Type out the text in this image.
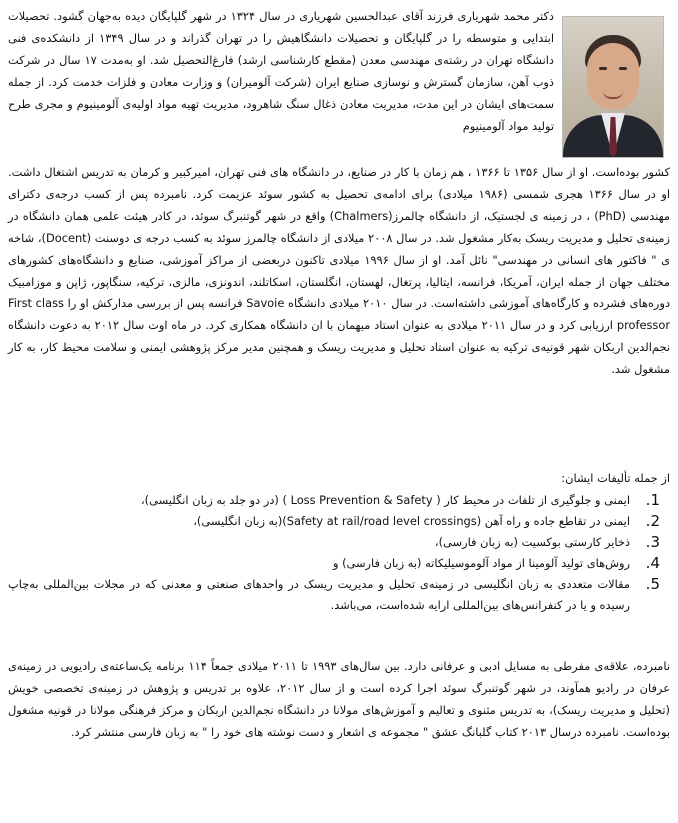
دکتر محمد شهریاری فرزند آقای عبدالحسین شهریاری در سال ۱۳۲۴ در شهر گلپایگان دیده به‌جهان گشود. تحصیلات ابتدایی و متوسطه را در گلپایگان و تحصیلات دانشگاهیش را در تهران گذراند و در سال ۱۳۴۹ از دانشکده‌ی فنی دانشگاه تهران در رشته‌ی مهندسی معدن (مقطع کارشناسی ارشد) فارغ‌التحصیل شد. او به‌مدت ۱۷ سال در شرکت ذوب آهن، سازمان گسترش و نوسازی صنایع ایران (شرکت آلومیران) و وزارت معادن و فلزات خدمت کرد. از جمله سمت‌های ایشان در این مدت، مدیریت معادن ذغال سنگ شاهرود، مدیریت تهیه مواد اولیه‌ی آلومینیوم و مجری طرح تولید مواد آلومینیوم
کشور بوده‌است. او از سال ۱۳۵۶ تا ۱۳۶۶ ، هم زمان با کار در صنایع، در دانشگاه های فنی تهران، امیرکبیر و کرمان به تدریس اشتغال داشت. او در سال ۱۳۶۶ هجری شمسی (۱۹۸۶ میلادی) برای ادامه‌ی تحصیل به کشور سوئد عزیمت کرد. نامبرده پس از کسب درجه‌ی دکترای مهندسی (PhD) ، در زمینه ی لجستیک، از دانشگاه چالمرز(Chalmers) واقع در شهر گوتنبرگ سوئد، در کادر هیئت علمی همان دانشگاه در زمینه‌ی تحلیل و مدیریت ریسک به‌کار مشغول شد. در سال ۲۰۰۸ میلادی از دانشگاه چالمرز سوئد به کسب درجه ی دوسنت (Docent)، شاخه ی " فاکتور های انسانی در مهندسی" نائل آمد. او از سال ۱۹۹۶ میلادی تاکنون دربعضی از مراکز آموزشی، صنایع و دانشگاه‌های کشورهای مختلف جهان از جمله ایران، آمریکا، فرانسه، ایتالیا، پرتغال، لهستان، انگلستان، اسکاتلند، اندونزی، مالزی، ترکیه، سنگاپور، ژاپن و موزامبیک دوره‌های فشرده و کارگاه‌های آموزشی داشته‌است. در سال ۲۰۱۰ میلادی دانشگاه Savoie فرانسه پس از بررسی مدارکش او را First class professor ارزیابی کرد و در سال ۲۰۱۱ میلادی به عنوان استاد میهمان با ان دانشگاه همکاری کرد. در ماه اوت سال ۲۰۱۲ به دعوت دانشگاه نجم‌الدین اربکان شهر قونیه‌ی ترکیه به عنوان استاد تحلیل و مدیریت ریسک و همچنین مدیر مرکز پژوهشی ایمنی و سلامت محیط کار، به کار مشغول شد.
از جمله تألیفات ایشان:
1.
ایمنی و جلوگیری از تلفات در محیط کار ( Loss Prevention & Safety ) (در دو جلد به زبان انگلیسی)،
2.
ایمنی در تقاطع جاده و راه آهن (Safety at rail/road level crossings)(به زبان انگلیسی)،
3.
ذخایر کارستی بوکسیت (به زبان فارسی)،
4.
روش‌های تولید آلومینا از مواد آلوموسیلیکاته (به زبان فارسی) و
5.
مقالات متعددی به زبان انگلیسی در زمینه‌ی تحلیل و مدیریت ریسک در واحدهای صنعتی و معدنی که در مجلات بین‌المللی به‌چاپ رسیده و یا در کنفرانس‌های بین‌المللی ارایه شده‌است، می‌باشد.
نامبرده، علاقه‌ی مفرطی به مسایل ادبی و عرفانی دارد. بین سال‌های ۱۹۹۳ تا ۲۰۱۱ میلادی جمعاً ۱۱۴ برنامه یک‌ساعته‌ی رادیویی در زمینه‌ی عرفان در رادیو همآوند، در شهر گوتنبرگ سوئد اجرا کرده است و از سال ۲۰۱۲، علاوه بر تدریس و پژوهش در زمینه‌ی تخصصی خویش (تحلیل و مدیریت ریسک)، به تدریس مثنوی و تعالیم و آموزش‌های مولانا در دانشگاه نجم‌الدین اربکان و مرکز فرهنگی مولانا در قونیه مشغول بوده‌است. نامبرده درسال ۲۰۱۳ کتاب گلبانگ عشق " مجموعه ی اشعار و دست نوشته های خود را " به زبان فارسی منتشر کرد.
